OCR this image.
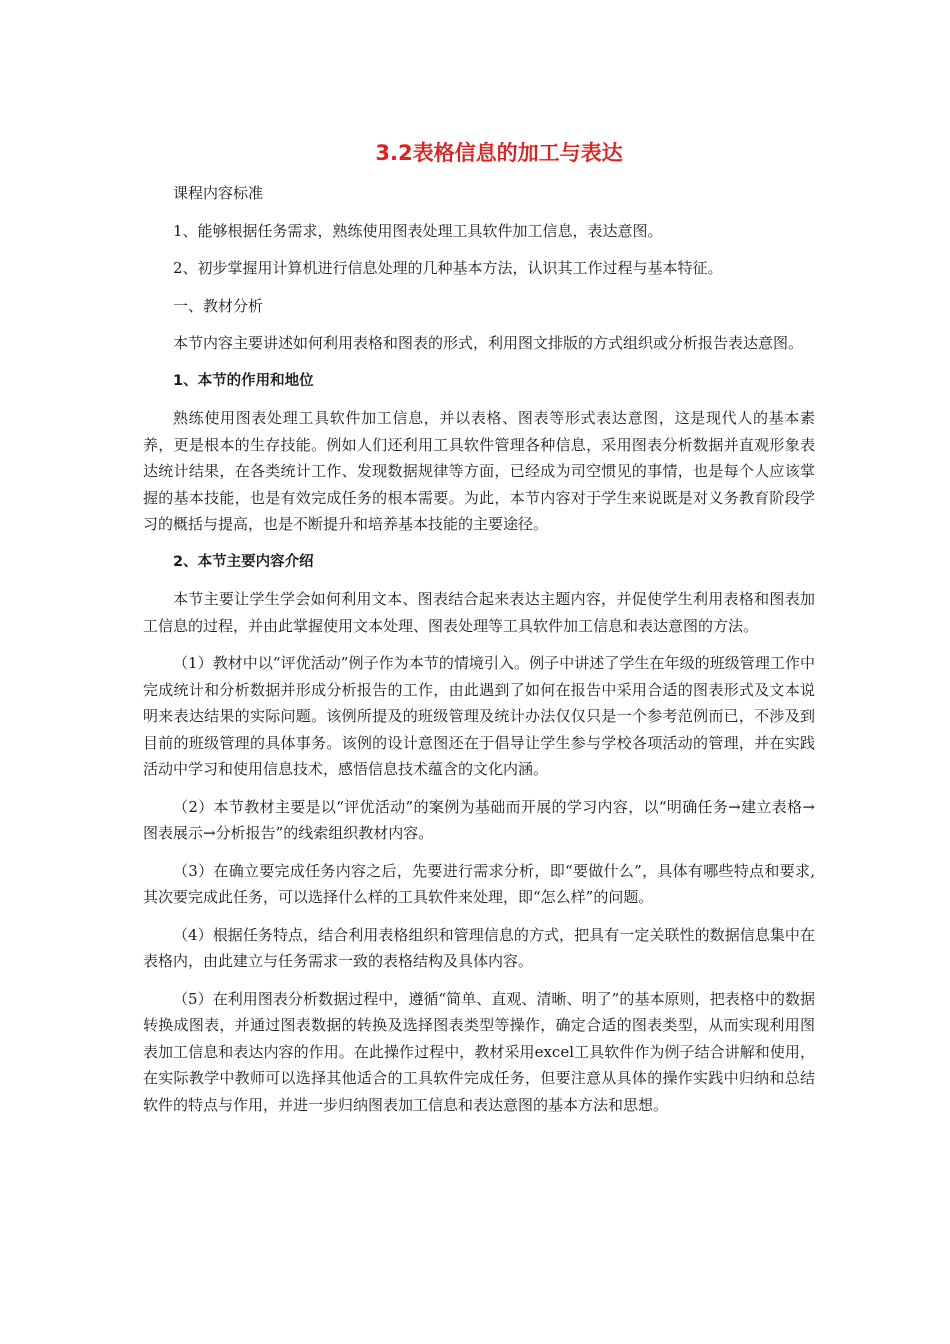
3.2表格信息的加工与表达

课程内容标准

1、能够根据任务需求，熟练使用图表处理工具软件加工信息，表达意图。

2、初步掌握用计算机进行信息处理的几种基本方法，认识其工作过程与基本特征。

一、教材分析

本节内容主要讲述如何利用表格和图表的形式，利用图文排版的方式组织或分析报告表达意图。

1、本节的作用和地位

熟练使用图表处理工具软件加工信息，并以表格、图表等形式表达意图，这是现代人的基本素养，更是根本的生存技能。例如人们还利用工具软件管理各种信息，采用图表分析数据并直观形象表达统计结果，在各类统计工作、发现数据规律等方面，已经成为司空惯见的事情，也是每个人应该掌握的基本技能，也是有效完成任务的根本需要。为此，本节内容对于学生来说既是对义务教育阶段学习的概括与提高，也是不断提升和培养基本技能的主要途径。

2、本节主要内容介绍

本节主要让学生学会如何利用文本、图表结合起来表达主题内容，并促使学生利用表格和图表加工信息的过程，并由此掌握使用文本处理、图表处理等工具软件加工信息和表达意图的方法。

（1）教材中以“评优活动”例子作为本节的情境引入。例子中讲述了学生在年级的班级管理工作中完成统计和分析数据并形成分析报告的工作，由此遇到了如何在报告中采用合适的图表形式及文本说明来表达结果的实际问题。该例所提及的班级管理及统计办法仅仅只是一个参考范例而已，不涉及到目前的班级管理的具体事务。该例的设计意图还在于倡导让学生参与学校各项活动的管理，并在实践活动中学习和使用信息技术，感悟信息技术蕴含的文化内涵。

（2）本节教材主要是以“评优活动”的案例为基础而开展的学习内容，以“明确任务→建立表格→图表展示→分析报告”的线索组织教材内容。

（3）在确立要完成任务内容之后，先要进行需求分析，即“要做什么”，具体有哪些特点和要求,其次要完成此任务，可以选择什么样的工具软件来处理，即“怎么样”的问题。

（4）根据任务特点，结合利用表格组织和管理信息的方式，把具有一定关联性的数据信息集中在表格内，由此建立与任务需求一致的表格结构及具体内容。

（5）在利用图表分析数据过程中，遵循“简单、直观、清晰、明了”的基本原则，把表格中的数据转换成图表，并通过图表数据的转换及选择图表类型等操作，确定合适的图表类型，从而实现利用图表加工信息和表达内容的作用。在此操作过程中，教材采用excel工具软件作为例子结合讲解和使用，在实际教学中教师可以选择其他适合的工具软件完成任务，但要注意从具体的操作实践中归纳和总结软件的特点与作用，并进一步归纳图表加工信息和表达意图的基本方法和思想。
